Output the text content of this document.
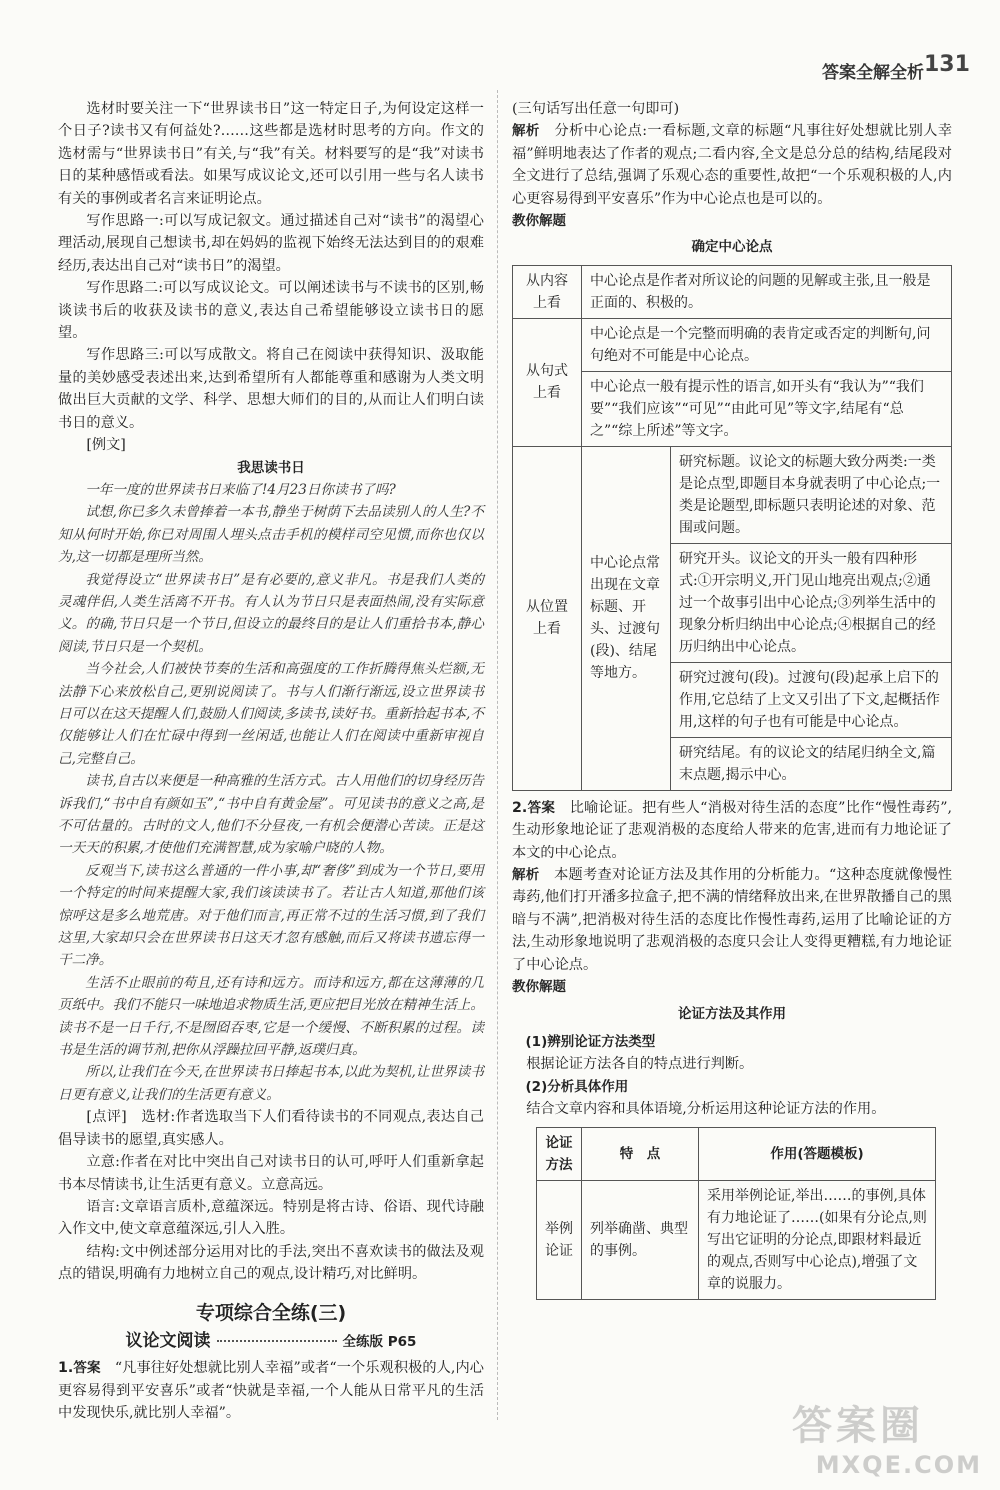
答案全解全析 131

选材时要关注一下“世界读书日”这一特定日子,为何设定这样一个日子?读书又有何益处?……这些都是选材时思考的方向。作文的选材需与“世界读书日”有关,与“我”有关。材料要写的是“我”对读书日的某种感悟或看法。如果写成议论文,还可以引用一些与名人读书有关的事例或者名言来证明论点。

写作思路一:可以写成记叙文。通过描述自己对“读书”的渴望心理活动,展现自己想读书,却在妈妈的监视下始终无法达到目的的艰难经历,表达出自己对“读书日”的渴望。

写作思路二:可以写成议论文。可以阐述读书与不读书的区别,畅谈读书后的收获及读书的意义,表达自己希望能够设立读书日的愿望。

写作思路三:可以写成散文。将自己在阅读中获得知识、汲取能量的美妙感受表述出来,达到希望所有人都能尊重和感谢为人类文明做出巨大贡献的文学、科学、思想大师们的目的,从而让人们明白读书日的意义。

[例文]

我思读书日

一年一度的世界读书日来临了!4月23日你读书了吗?

试想,你已多久未曾捧着一本书,静坐于树荫下去品读别人的人生?不知从何时开始,你已对周围人埋头点击手机的模样司空见惯,而你也仅以为,这一切都是理所当然。

我觉得设立“世界读书日”是有必要的,意义非凡。书是我们人类的灵魂伴侣,人类生活离不开书。有人认为节日只是表面热闹,没有实际意义。的确,节日只是一个节日,但设立的最终目的是让人们重拾书本,静心阅读,节日只是一个契机。

当今社会,人们被快节奏的生活和高强度的工作折腾得焦头烂额,无法静下心来放松自己,更别说阅读了。书与人们渐行渐远,设立世界读书日可以在这天提醒人们,鼓励人们阅读,多读书,读好书。重新拾起书本,不仅能够让人们在忙碌中得到一丝闲适,也能让人们在阅读中重新审视自己,完整自己。

读书,自古以来便是一种高雅的生活方式。古人用他们的切身经历告诉我们,“书中自有颜如玉”,“书中自有黄金屋”。可见读书的意义之高,是不可估量的。古时的文人,他们不分昼夜,一有机会便潜心苦读。正是这一天天的积累,才使他们充满智慧,成为家喻户晓的人物。

反观当下,读书这么普通的一件小事,却“奢侈”到成为一个节日,要用一个特定的时间来提醒大家,我们该读读书了。若让古人知道,那他们该惊呼这是多么地荒唐。对于他们而言,再正常不过的生活习惯,到了我们这里,大家却只会在世界读书日这天才忽有感触,而后又将读书遗忘得一干二净。

生活不止眼前的苟且,还有诗和远方。而诗和远方,都在这薄薄的几页纸中。我们不能只一味地追求物质生活,更应把目光放在精神生活上。读书不是一日千行,不是囫囵吞枣,它是一个缓慢、不断积累的过程。读书是生活的调节剂,把你从浮躁拉回平静,返璞归真。

所以,让我们在今天,在世界读书日捧起书本,以此为契机,让世界读书日更有意义,让我们的生活更有意义。

[点评]　 选材:作者选取当下人们看待读书的不同观点,表达自己倡导读书的愿望,真实感人。

立意:作者在对比中突出自己对读书日的认可,呼吁人们重新拿起书本尽情读书,让生活更有意义。立意高远。

语言:文章语言质朴,意蕴深远。特别是将古诗、俗语、现代诗融入作文中,使文章意蕴深远,引人入胜。

结构:文中例述部分运用对比的手法,突出不喜欢读书的做法及观点的错误,明确有力地树立自己的观点,设计精巧,对比鲜明。

专项综合全练(三)
议论文阅读	全练版 P65

1.答案　 “凡事往好处想就比别人幸福”或者“一个乐观积极的人,内心更容易得到平安喜乐”或者“快就是幸福,一个人能从日常平凡的生活中发现快乐,就比别人幸福”。

(三句话写出任意一句即可)

解析　 分析中心论点:一看标题,文章的标题“凡事往好处想就比别人幸福”鲜明地表达了作者的观点;二看内容,全文是总分总的结构,结尾段对全文进行了总结,强调了乐观心态的重要性,故把“一个乐观积极的人,内心更容易得到平安喜乐”作为中心论点也是可以的。

教你解题

确定中心论点
从内容上看	中心论点是作者对所议论的问题的见解或主张,且一般是正面的、积极的。	
从句式上看	中心论点是一个完整而明确的表肯定或否定的判断句,问句绝对不可能是中心论点。	
	中心论点一般有提示性的语言,如开头有“我认为”“我们要”“我们应该”“可见”“由此可见”等文字,结尾有“总之”“综上所述”等文字。	
从位置上看	中心论点常出现在文章标题、开头、过渡句(段)、结尾等地方。	研究标题。议论文的标题大致分两类:一类是论点型,即题目本身就表明了中心论点;一类是论题型,即标题只表明论述的对象、范围或问题。
		研究开头。议论文的开头一般有四种形式:①开宗明义,开门见山地亮出观点;②通过一个故事引出中心论点;③列举生活中的现象分析归纳出中心论点;④根据自己的经历归纳出中心论点。
		研究过渡句(段)。过渡句(段)起承上启下的作用,它总结了上文又引出了下文,起概括作用,这样的句子也有可能是中心论点。
		研究结尾。有的议论文的结尾归纳全文,篇末点题,揭示中心。

2.答案　 比喻论证。把有些人“消极对待生活的态度”比作“慢性毒药”,生动形象地论证了悲观消极的态度给人带来的危害,进而有力地论证了本文的中心论点。

解析　 本题考查对论证方法及其作用的分析能力。“这种态度就像慢性毒药,他们打开潘多拉盒子,把不满的情绪释放出来,在世界散播自己的黑暗与不满”,把消极对待生活的态度比作慢性毒药,运用了比喻论证的方法,生动形象地说明了悲观消极的态度只会让人变得更糟糕,有力地论证了中心论点。

教你解题

论证方法及其作用

(1)辨别论证方法类型

根据论证方法各自的特点进行判断。

(2)分析具体作用

结合文章内容和具体语境,分析运用这种论证方法的作用。

论证方法	特　点	作用(答题模板)
举例论证	列举确凿、典型的事例。	采用举例论证,举出……的事例,具体有力地论证了……(如果有分论点,则写出它证明的分论点,即跟材料最近的观点,否则写中心论点),增强了文章的说服力。
答案圈
MXQE.COM
